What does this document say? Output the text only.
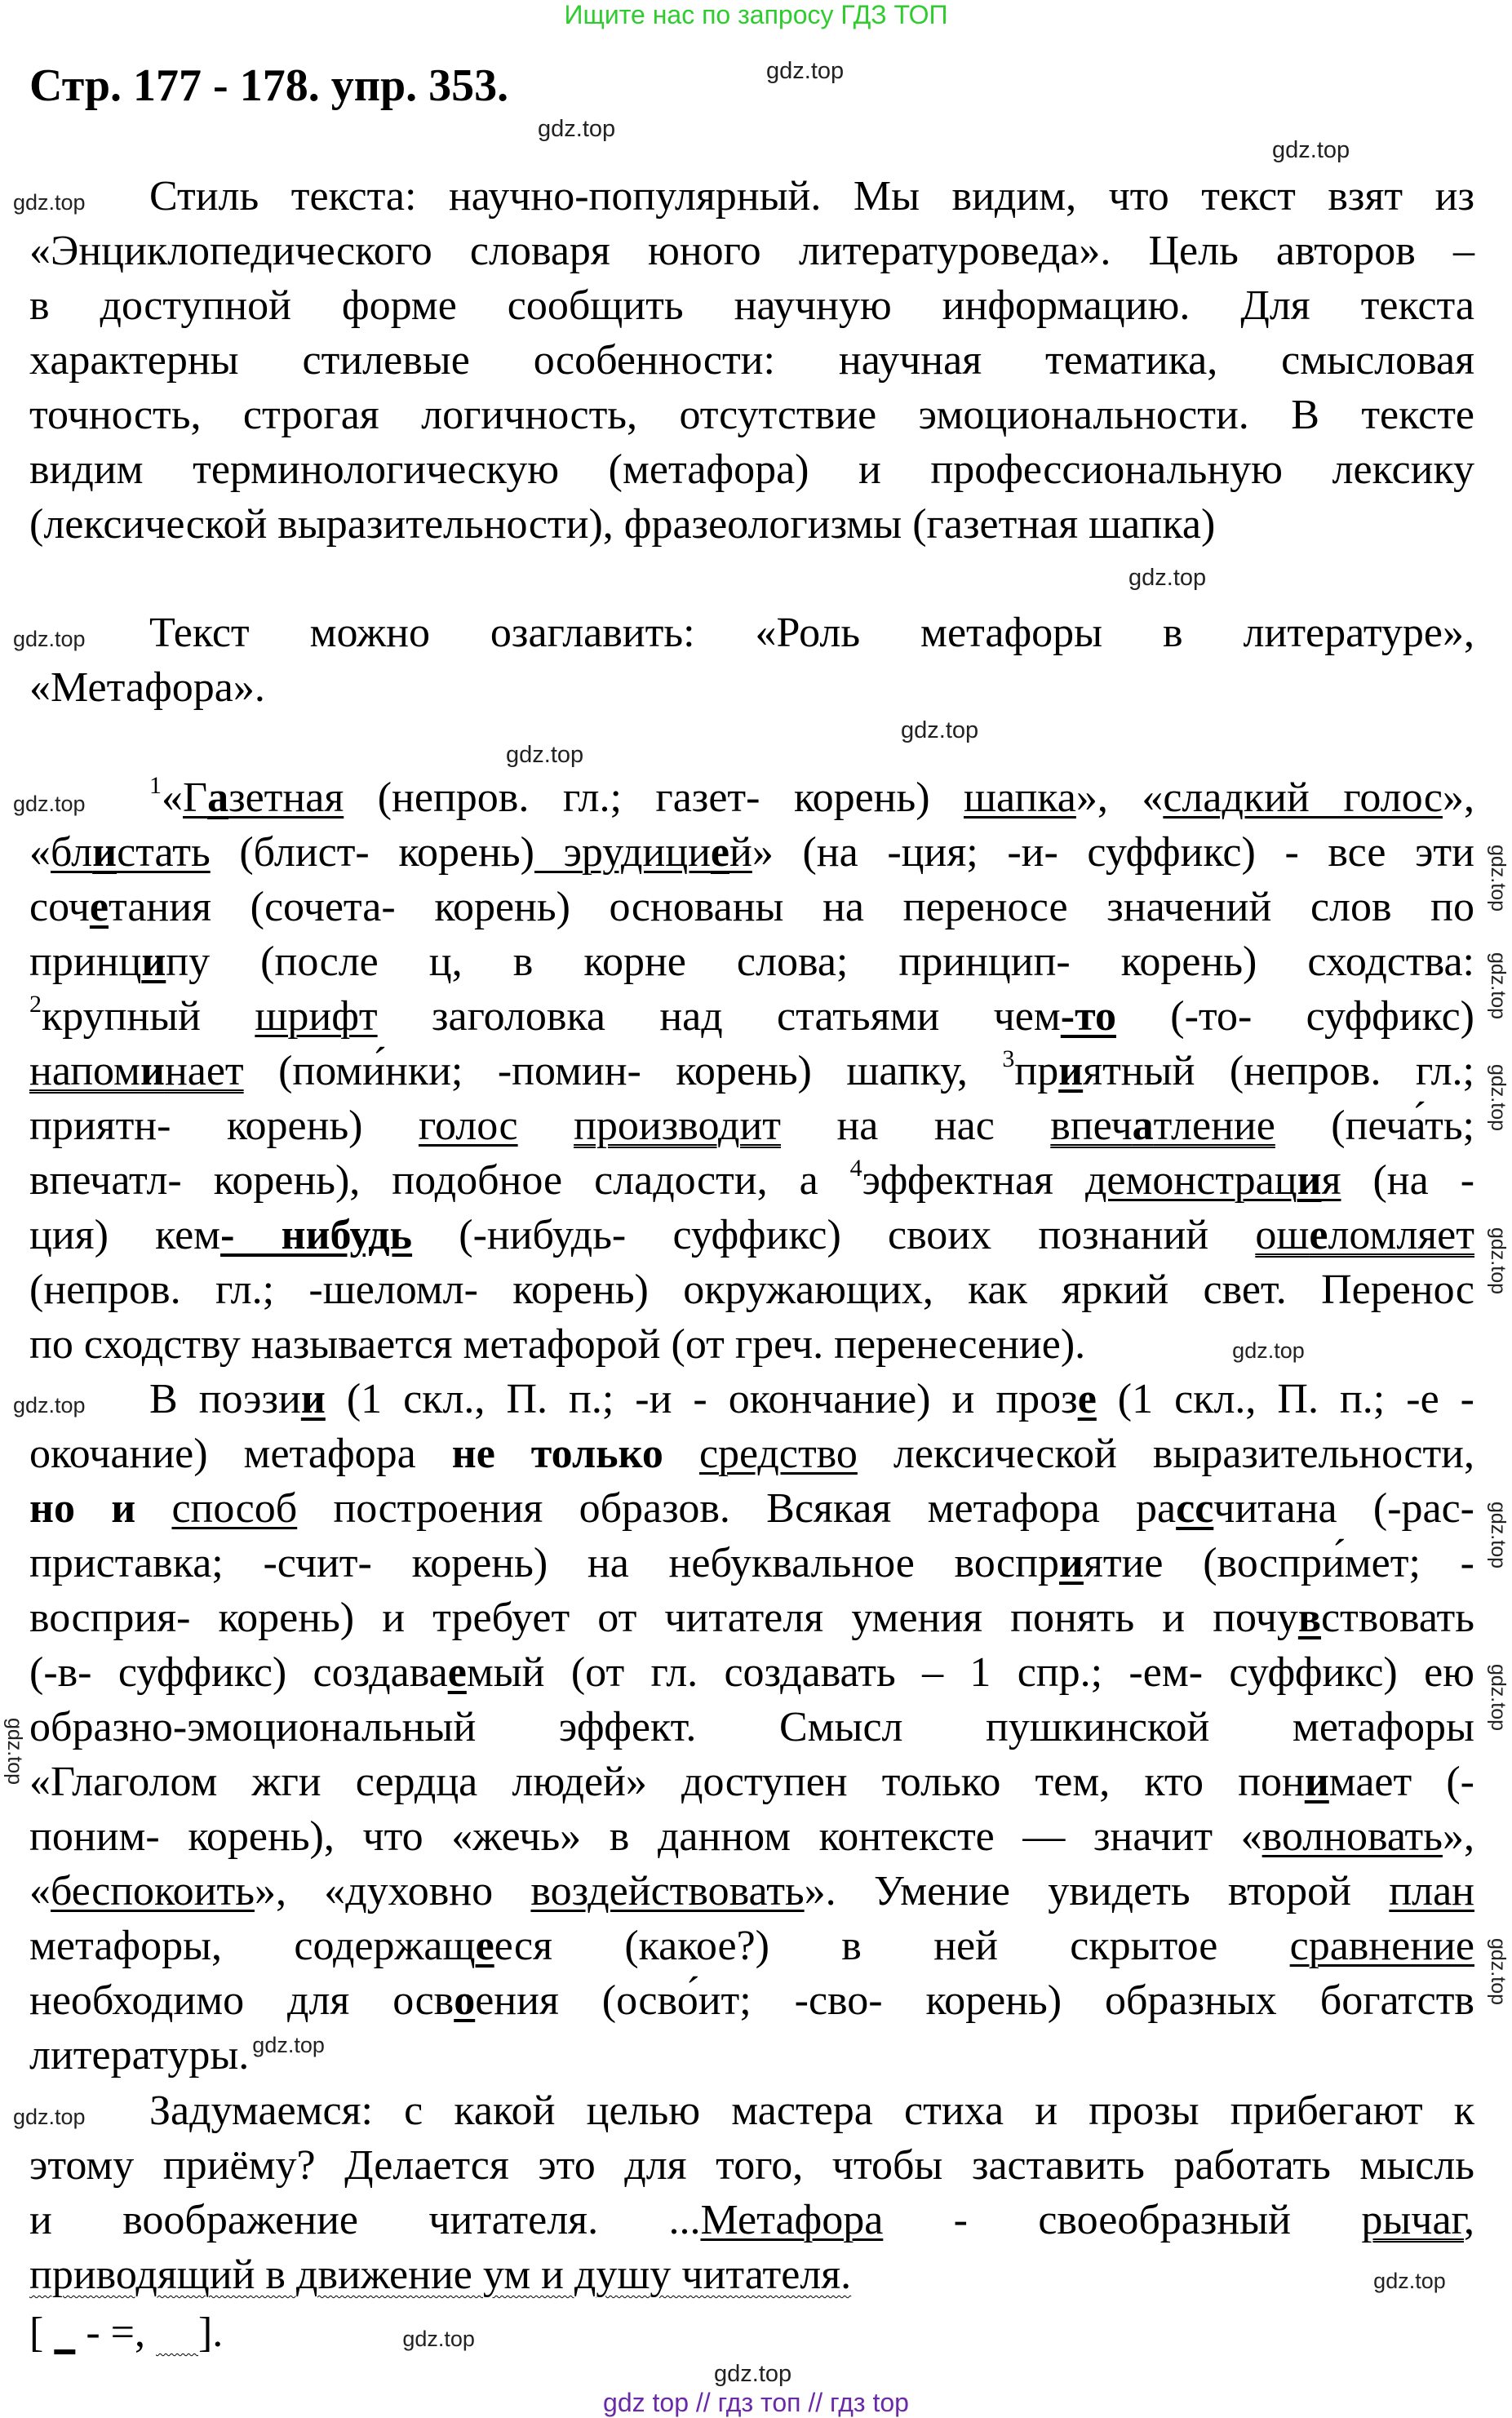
Ищите нас по запросу ГДЗ ТОП
Стр. 177 - 178. упр. 353.	gdz.top
gdz.top
gdz.top
gdz.top
gdz.top
gdz.top
gdz.top
gdz.top
gdz.top
gdz.top
gdz.top
gdz.top
gdz.top
gdz.top
gdz.top
gdz.top Стиль текста: научно-популярный. Мы видим, что текст взят из
«Энциклопедического словаря юного литературоведа». Цель авторов –
в доступной форме сообщить научную информацию. Для текста
характерны стилевые особенности: научная тематика, смысловая
точность, строгая логичность, отсутствие эмоциональности. В тексте
видим терминологическую (метафора) и профессиональную лексику
(лексической выразительности), фразеологизмы (газетная шапка)
gdz.top Текст можно озаглавить: «Роль метафоры в литературе»,
«Метафора».
gdz.top$^1$«Газетная (непров. гл.; газет- корень) шапка», «сладкий голос»,
«блистать (блист- корень) эрудицией» (на -ция; -и- суффикс) - все эти
сочетания (сочета- корень) основаны на переносе значений слов по
принципу (после ц, в корне слова; принцип- корень) сходства:
$^2$крупный шрифт заголовка над статьями чем-то (-то- суффикс)
напоминает (поми́нки; -помин- корень) шапку, $^3$приятный (непров. гл.;
приятн- корень) голос производит на нас впечатление (печа́ть;
впечатл- корень), подобное сладости, а $^4$эффектная демонстрация (на -
ция) кем- нибудь (-нибудь- суффикс) своих познаний ошеломляет
(непров. гл.; -шеломл- корень) окружающих, как яркий свет. Перенос
по сходству называется метафорой (от греч. перенесение).	gdz.top
gdz.top В поэзии (1 скл., П. п.; -и - окончание) и прозе (1 скл., П. п.; -е -
окочание) метафора не только средство лексической выразительности,
но и способ построения образов. Всякая метафора рассчитана (-рас-
приставка; -счит- корень) на небуквальное восприятие (воспри́мет; -
восприя- корень) и требует от читателя умения понять и почувствовать
(-в- суффикс) создаваемый (от гл. создавать – 1 спр.; -ем- суффикс) ею
образно-эмоциональный эффект. Смысл пушкинской метафоры
«Глаголом жги сердца людей» доступен только тем, кто понимает (-
поним- корень), что «жечь» в данном контексте — значит «волновать»,
«беспокоить», «духовно воздействовать». Умение увидеть второй план
метафоры, содержащееся (какое?) в ней скрытое сравнение
необходимо для освоения (осво́ит; -сво- корень) образных богатств
литературы. $^{gdz.top}$
gdz.top Задумаемся: с какой целью мастера стиха и прозы прибегают к
этому приёму? Делается это для того, чтобы заставить работать мысль
и воображение читателя. ...Метафора - своеобразный рычаг,
приводящий в движение ум и душу читателя.	gdz.top
[    - =,     ].	gdz.top
gdz top // гдз топ // гдз top
